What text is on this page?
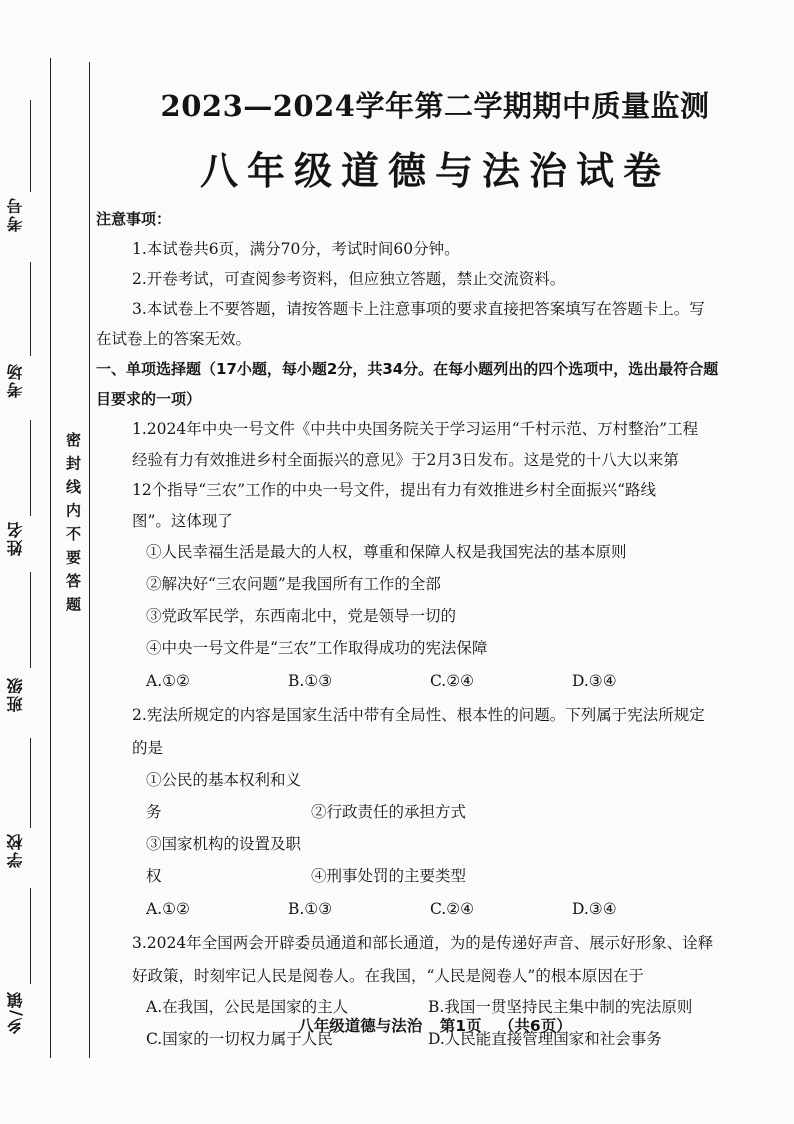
考号
考场
姓名
班级
学校
乡/镇
密封线内不要答题
2023—2024学年第二学期期中质量监测
八年级道德与法治试卷
注意事项：
1.本试卷共6页，满分70分，考试时间60分钟。
2.开卷考试，可查阅参考资料，但应独立答题，禁止交流资料。
3.本试卷上不要答题，请按答题卡上注意事项的要求直接把答案填写在答题卡上。写
在试卷上的答案无效。
一、单项选择题（17小题，每小题2分，共34分。在每小题列出的四个选项中，选出最符合题
目要求的一项）
1.2024年中央一号文件《中共中央国务院关于学习运用“千村示范、万村整治”工程
经验有力有效推进乡村全面振兴的意见》于2月3日发布。这是党的十八大以来第
12个指导“三农”工作的中央一号文件，提出有力有效推进乡村全面振兴“路线
图”。这体现了
①人民幸福生活是最大的人权，尊重和保障人权是我国宪法的基本原则
②解决好“三农问题”是我国所有工作的全部
③党政军民学，东西南北中，党是领导一切的
④中央一号文件是“三农”工作取得成功的宪法保障
A.①②	B.①③	C.②④	D.③④
2.宪法所规定的内容是国家生活中带有全局性、根本性的问题。下列属于宪法所规定
的是
①公民的基本权利和义务	②行政责任的承担方式
③国家机构的设置及职权	④刑事处罚的主要类型
A.①②	B.①③	C.②④	D.③④
3.2024年全国两会开辟委员通道和部长通道，为的是传递好声音、展示好形象、诠释
好政策，时刻牢记人民是阅卷人。在我国，“人民是阅卷人”的根本原因在于
A.在我国，公民是国家的主人	B.我国一贯坚持民主集中制的宪法原则
C.国家的一切权力属于人民	D.人民能直接管理国家和社会事务
八年级道德与法治 第1页 （共6页）
